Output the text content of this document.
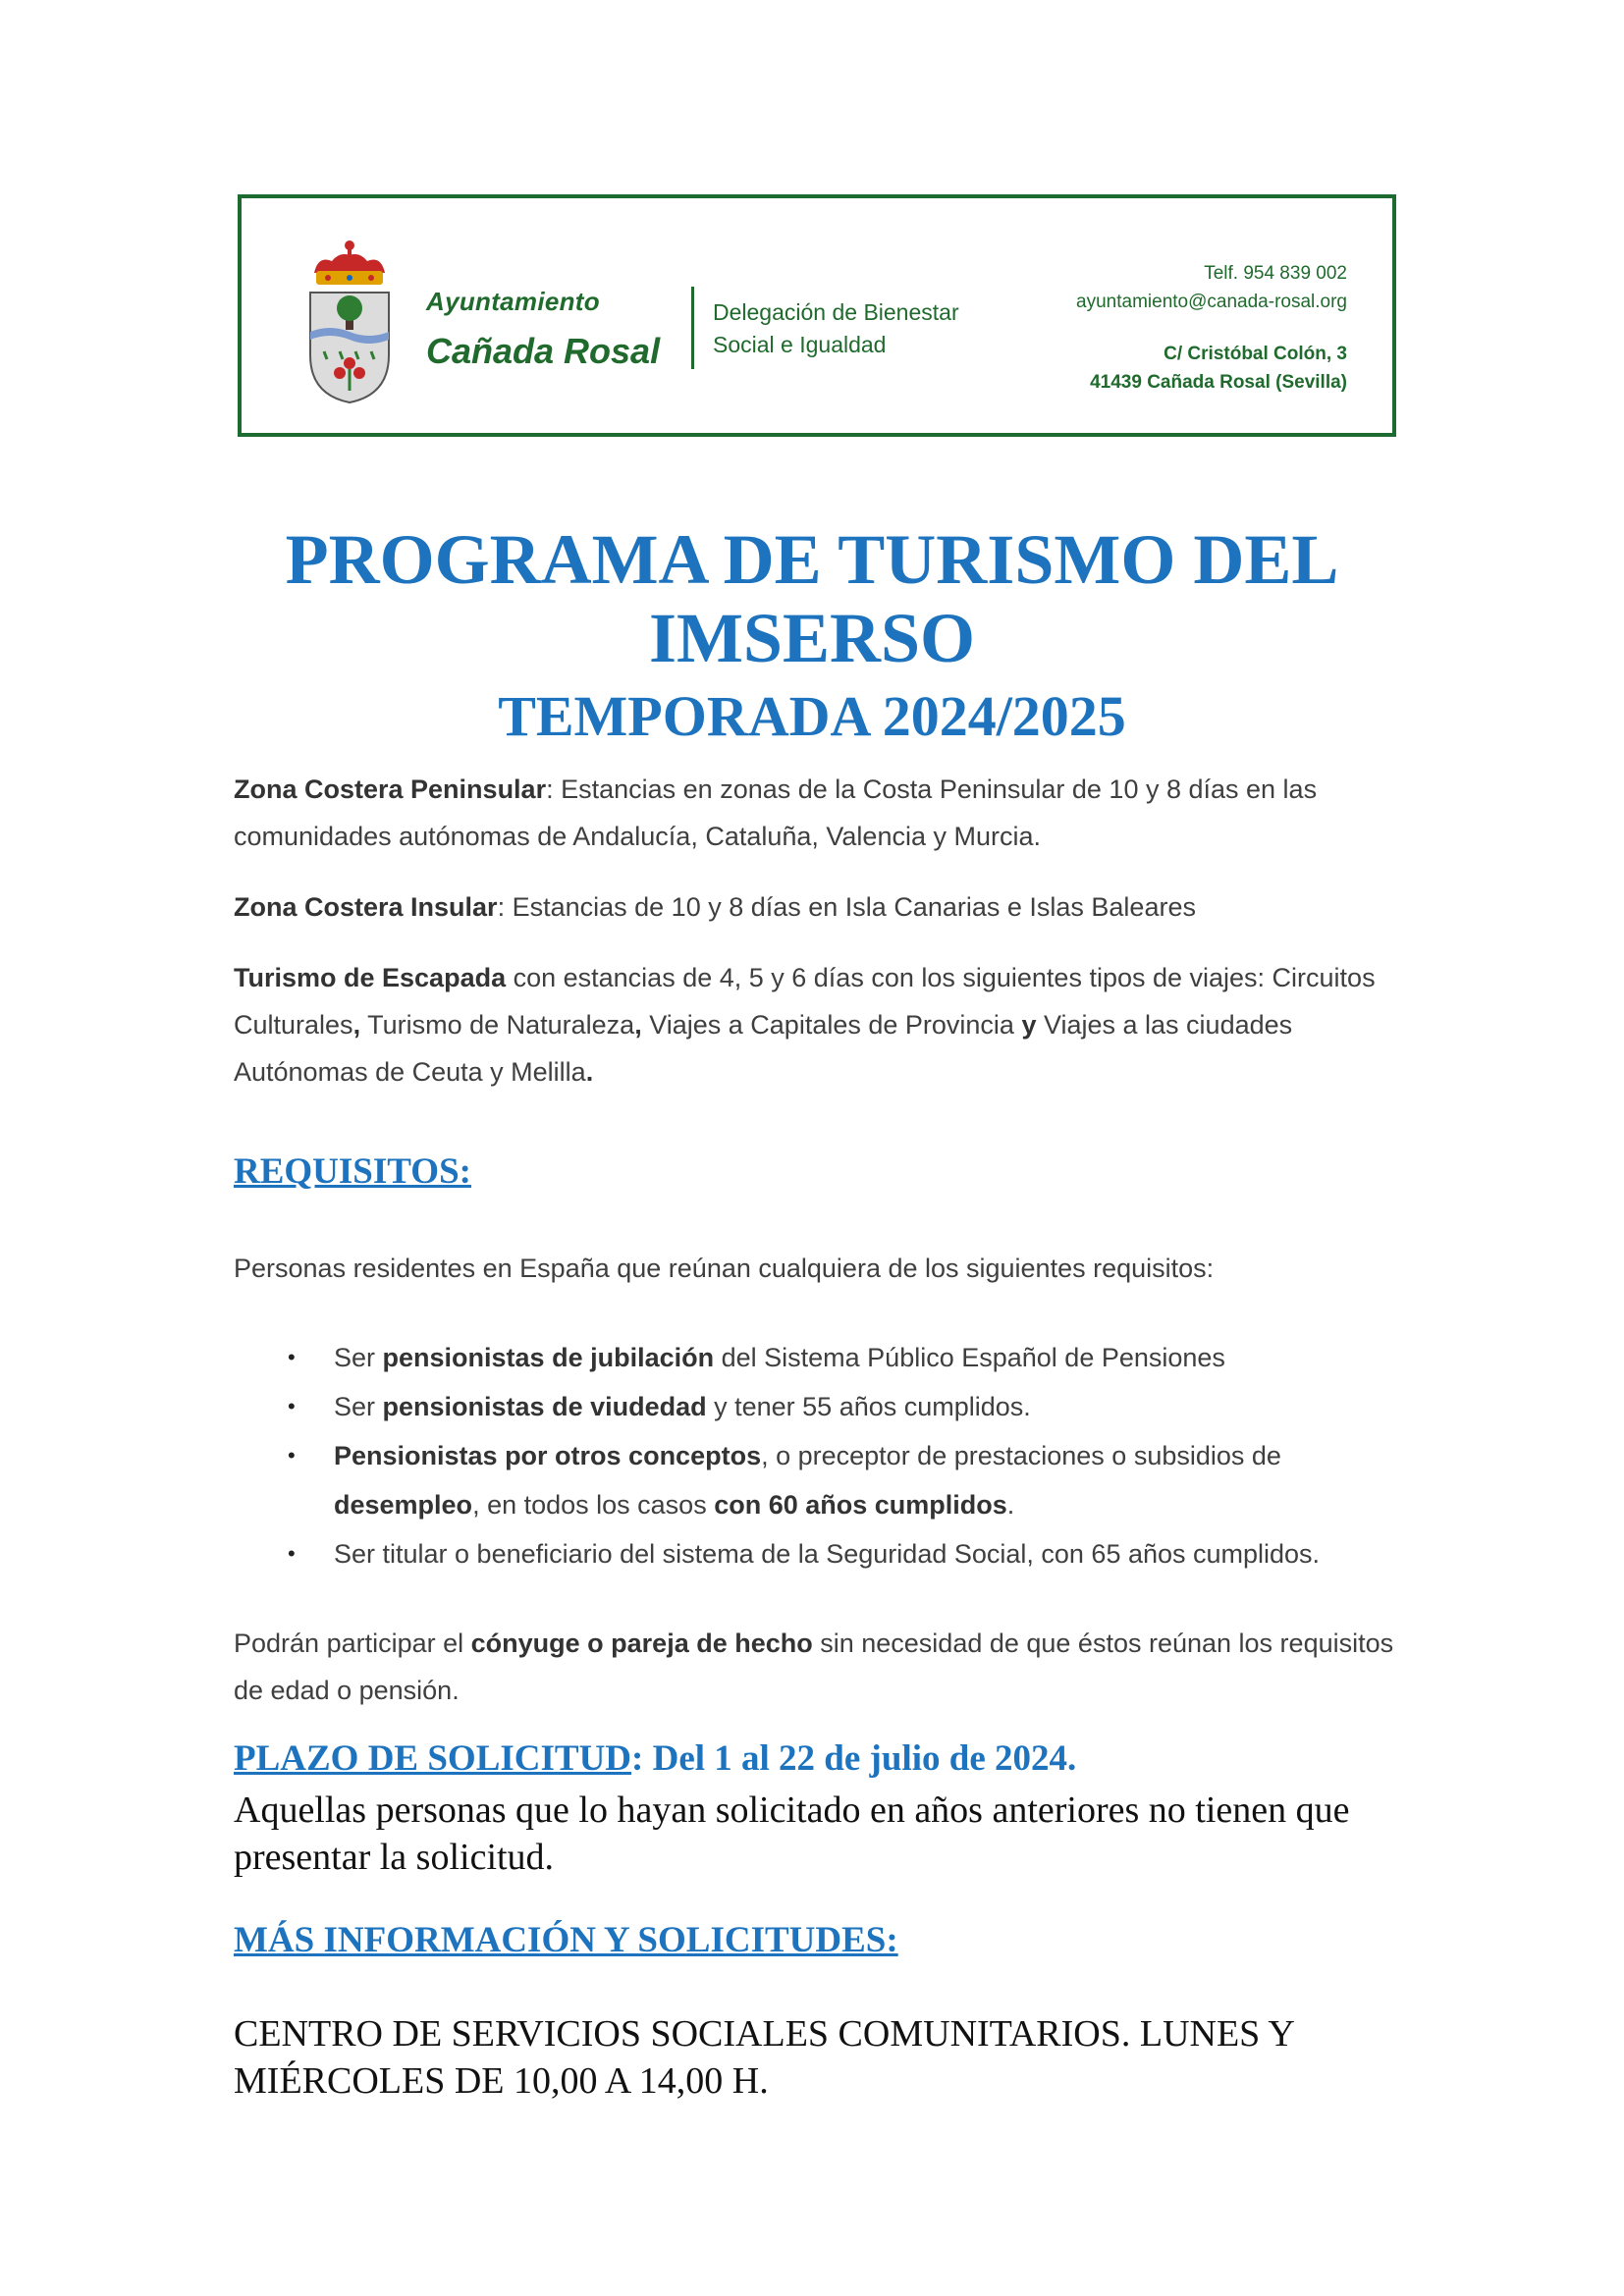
Ayuntamiento
Cañada Rosal
Delegación de Bienestar
Social e Igualdad
Telf. 954 839 002
ayuntamiento@canada-rosal.org
C/ Cristóbal Colón, 3
41439 Cañada Rosal (Sevilla)
PROGRAMA DE TURISMO DEL
IMSERSO
TEMPORADA 2024/2025
Zona Costera Peninsular: Estancias en zonas de la Costa Peninsular de 10 y 8 días en las comunidades autónomas de Andalucía, Cataluña, Valencia y Murcia.
Zona Costera Insular: Estancias de 10 y 8 días en Isla Canarias e Islas Baleares
Turismo de Escapada con estancias de 4, 5 y 6 días con los siguientes tipos de viajes: Circuitos Culturales, Turismo de Naturaleza, Viajes a Capitales de Provincia y Viajes a las ciudades Autónomas de Ceuta y Melilla.
REQUISITOS:
Personas residentes en España que reúnan cualquiera de los siguientes requisitos:
• Ser pensionistas de jubilación del Sistema Público Español de Pensiones
• Ser pensionistas de viudedad y tener 55 años cumplidos.
• Pensionistas por otros conceptos, o preceptor de prestaciones o subsidios de desempleo, en todos los casos con 60 años cumplidos.
• Ser titular o beneficiario del sistema de la Seguridad Social, con 65 años cumplidos.
Podrán participar el cónyuge o pareja de hecho sin necesidad de que éstos reúnan los requisitos de edad o pensión.
PLAZO DE SOLICITUD: Del 1 al 22 de julio de 2024.
Aquellas personas que lo hayan solicitado en años anteriores no tienen que presentar la solicitud.
MÁS INFORMACIÓN Y SOLICITUDES:
CENTRO DE SERVICIOS SOCIALES COMUNITARIOS. LUNES Y MIÉRCOLES DE 10,00 A 14,00 H.
